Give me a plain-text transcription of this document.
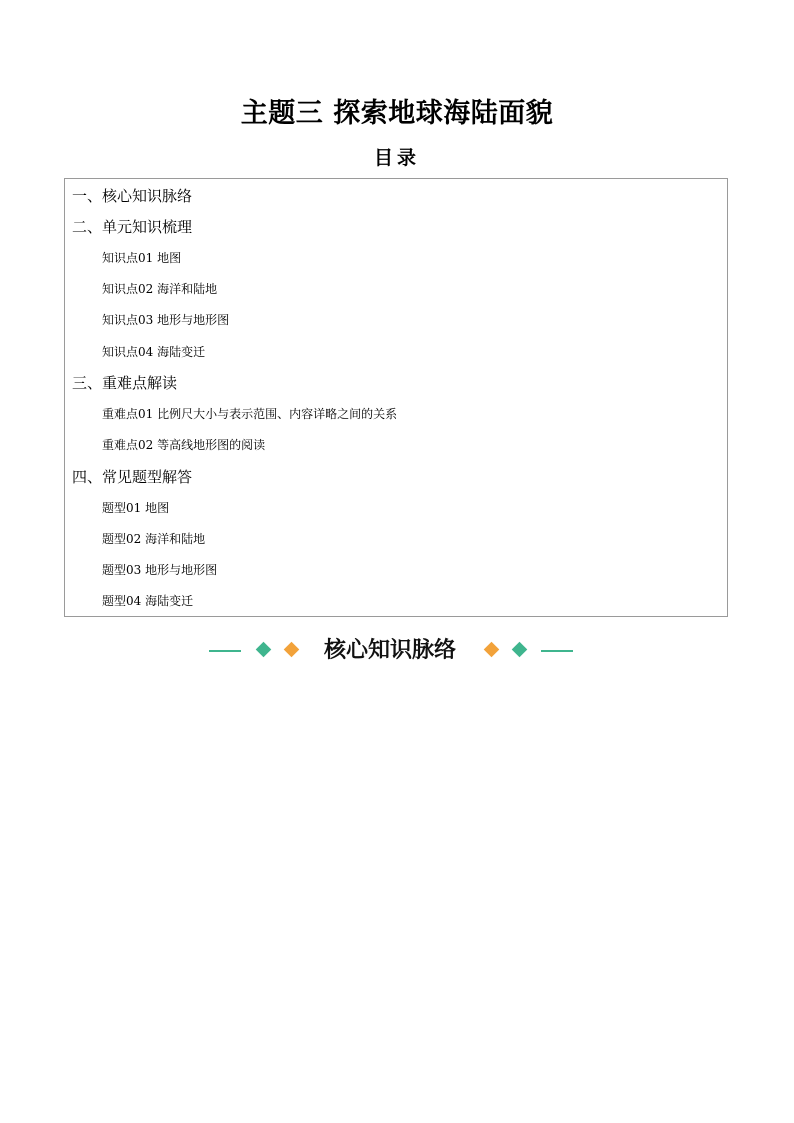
主题三 探索地球海陆面貌
目录
一、核心知识脉络
二、单元知识梳理
知识点01 地图
知识点02 海洋和陆地
知识点03 地形与地形图
知识点04 海陆变迁
三、重难点解读
重难点01 比例尺大小与表示范围、内容详略之间的关系
重难点02 等高线地形图的阅读
四、常见题型解答
题型01 地图
题型02 海洋和陆地
题型03 地形与地形图
题型04 海陆变迁
核心知识脉络
